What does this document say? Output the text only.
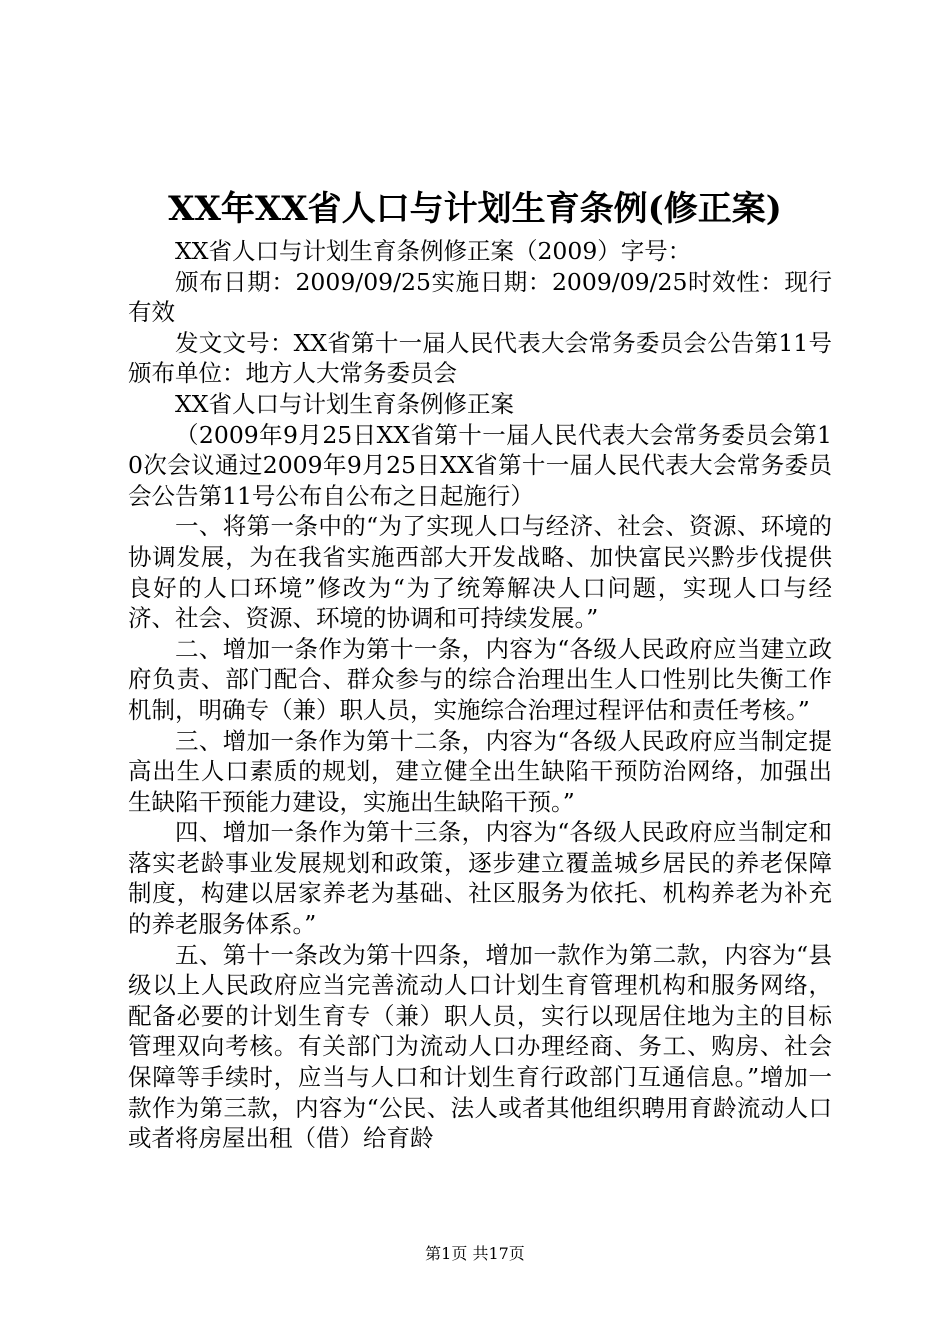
XX年XX省人口与计划生育条例(修正案)

XX省人口与计划生育条例修正案（2009）字号：

颁布日期：2009/09/25实施日期：2009/09/25时效性：现行有效

发文文号：XX省第十一届人民代表大会常务委员会公告第11号颁布单位：地方人大常务委员会

XX省人口与计划生育条例修正案

（2009年9月25日XX省第十一届人民代表大会常务委员会第10次会议通过2009年9月25日XX省第十一届人民代表大会常务委员会公告第11号公布自公布之日起施行）

一、将第一条中的“为了实现人口与经济、社会、资源、环境的协调发展，为在我省实施西部大开发战略、加快富民兴黔步伐提供良好的人口环境”修改为“为了统筹解决人口问题，实现人口与经济、社会、资源、环境的协调和可持续发展。”

二、增加一条作为第十一条，内容为“各级人民政府应当建立政府负责、部门配合、群众参与的综合治理出生人口性别比失衡工作机制，明确专（兼）职人员，实施综合治理过程评估和责任考核。”

三、增加一条作为第十二条，内容为“各级人民政府应当制定提高出生人口素质的规划，建立健全出生缺陷干预防治网络，加强出生缺陷干预能力建设，实施出生缺陷干预。”

四、增加一条作为第十三条，内容为“各级人民政府应当制定和落实老龄事业发展规划和政策，逐步建立覆盖城乡居民的养老保障制度，构建以居家养老为基础、社区服务为依托、机构养老为补充的养老服务体系。”

五、第十一条改为第十四条，增加一款作为第二款，内容为“县级以上人民政府应当完善流动人口计划生育管理机构和服务网络，配备必要的计划生育专（兼）职人员，实行以现居住地为主的目标管理双向考核。有关部门为流动人口办理经商、务工、购房、社会保障等手续时，应当与人口和计划生育行政部门互通信息。”增加一款作为第三款，内容为“公民、法人或者其他组织聘用育龄流动人口或者将房屋出租（借）给育龄

第1页 共17页
